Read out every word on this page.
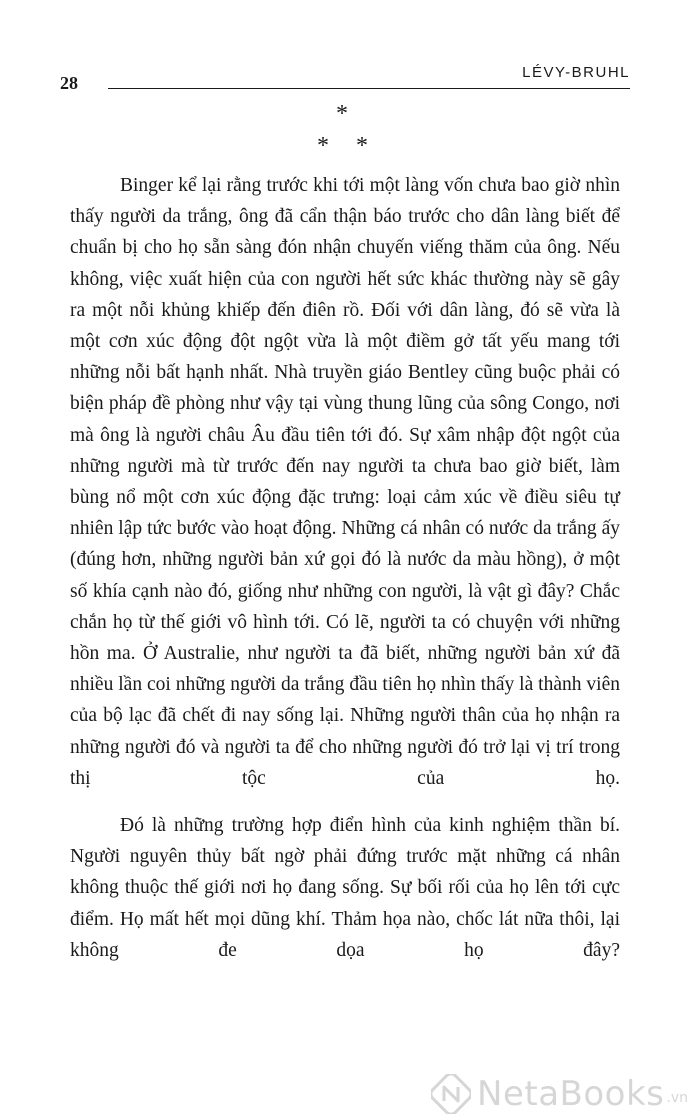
28
LÉVY-BRUHL
*
* *

Binger kể lại rằng trước khi tới một làng vốn chưa bao giờ nhìn thấy người da trắng, ông đã cẩn thận báo trước cho dân làng biết để chuẩn bị cho họ sẵn sàng đón nhận chuyến viếng thăm của ông. Nếu không, việc xuất hiện của con người hết sức khác thường này sẽ gây ra một nỗi khủng khiếp đến điên rồ. Đối với dân làng, đó sẽ vừa là một cơn xúc động đột ngột vừa là một điềm gở tất yếu mang tới những nỗi bất hạnh nhất. Nhà truyền giáo Bentley cũng buộc phải có biện pháp đề phòng như vậy tại vùng thung lũng của sông Congo, nơi mà ông là người châu Âu đầu tiên tới đó. Sự xâm nhập đột ngột của những người mà từ trước đến nay người ta chưa bao giờ biết, làm bùng nổ một cơn xúc động đặc trưng: loại cảm xúc về điều siêu tự nhiên lập tức bước vào hoạt động. Những cá nhân có nước da trắng ấy (đúng hơn, những người bản xứ gọi đó là nước da màu hồng), ở một số khía cạnh nào đó, giống như những con người, là vật gì đây? Chắc chắn họ từ thế giới vô hình tới. Có lẽ, người ta có chuyện với những hồn ma. Ở Australie, như người ta đã biết, những người bản xứ đã nhiều lần coi những người da trắng đầu tiên họ nhìn thấy là thành viên của bộ lạc đã chết đi nay sống lại. Những người thân của họ nhận ra những người đó và người ta để cho những người đó trở lại vị trí trong thị tộc của họ.

Đó là những trường hợp điển hình của kinh nghiệm thần bí. Người nguyên thủy bất ngờ phải đứng trước mặt những cá nhân không thuộc thế giới nơi họ đang sống. Sự bối rối của họ lên tới cực điểm. Họ mất hết mọi dũng khí. Thảm họa nào, chốc lát nữa thôi, lại không đe dọa họ đây?

NetaBooks .vn
